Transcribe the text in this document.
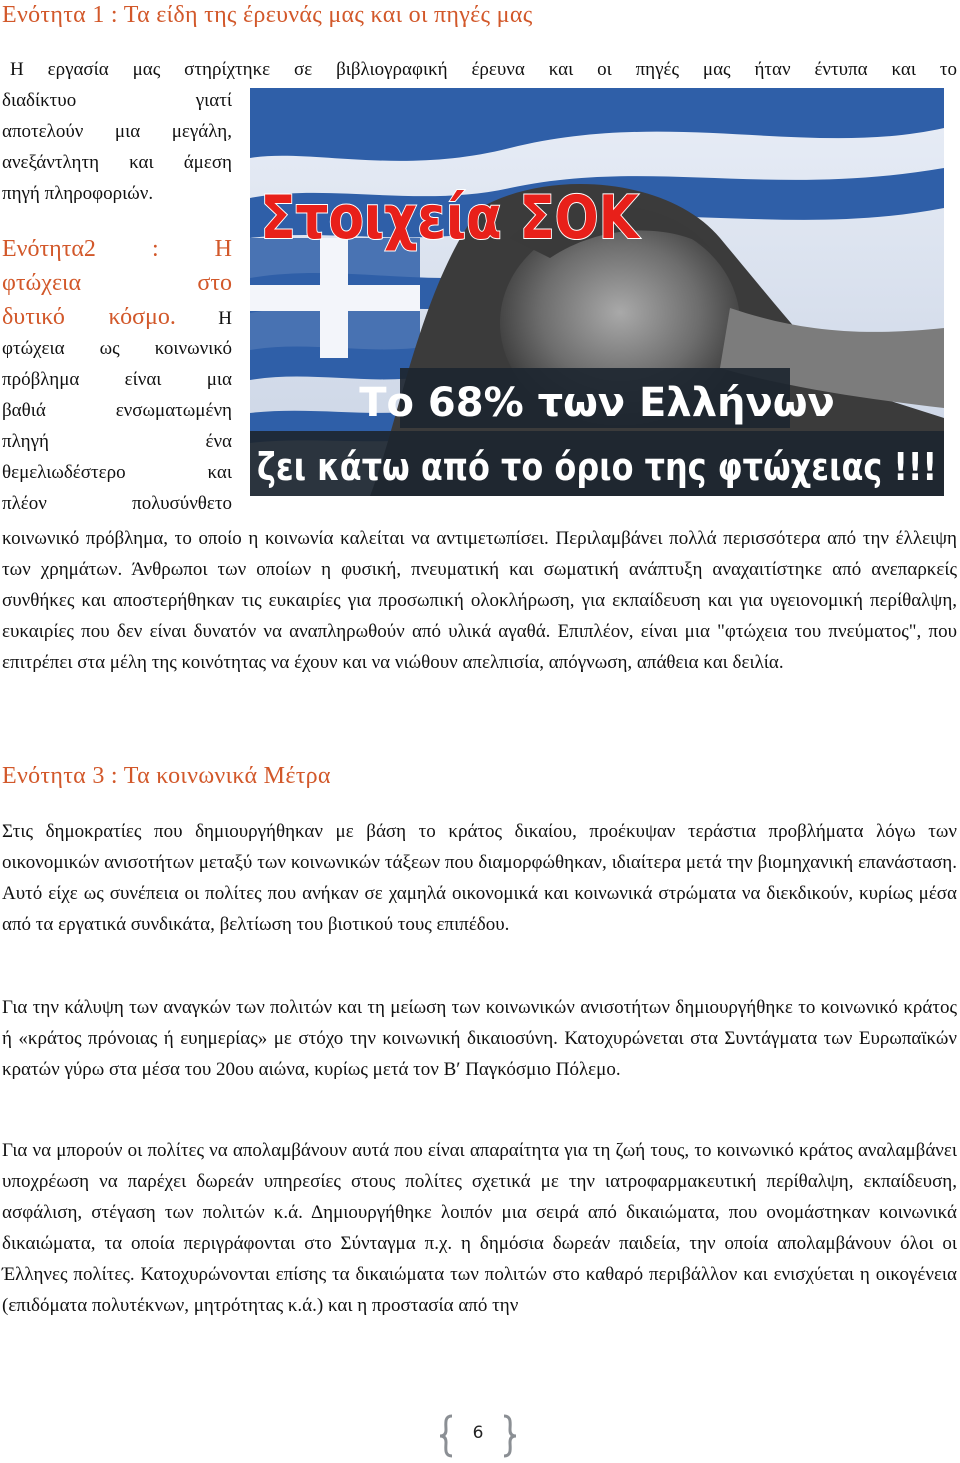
Ενότητα 1 : Τα είδη της έρευνάς μας και οι πηγές μας
Η εργασία μας στηρίχτηκε σε βιβλιογραφική έρευνα και οι πηγές μας ήταν έντυπα και το
διαδίκτυο γιατί
αποτελούν μια μεγάλη,
ανεξάντλητη και άμεση
πηγή πληροφοριών.
Ενότητα2 : Η
φτώχεια στο
δυτικό κόσμο. Η
φτώχεια ως κοινωνικό
πρόβλημα είναι μια
βαθιά ενσωματωμένη
πληγή ένα
θεμελιωδέστερο και
πλέον πολυσύνθετο
Στοιχεία ΣΟΚ
Το 68% των Ελλήνων
ζει κάτω από το όριο της φτώχειας !!!

κοινωνικό πρόβλημα, το οποίο η κοινωνία καλείται να αντιμετωπίσει. Περιλαμβάνει πολλά περισσότερα από την έλλειψη των χρημάτων. Άνθρωποι των οποίων η φυσική, πνευματική και σωματική ανάπτυξη αναχαιτίστηκε από ανεπαρκείς συνθήκες και αποστερήθηκαν τις ευκαιρίες για προσωπική ολοκλήρωση, για εκπαίδευση και για υγειονομική περίθαλψη, ευκαιρίες που δεν είναι δυνατόν να αναπληρωθούν από υλικά αγαθά. Επιπλέον, είναι μια "φτώχεια του πνεύματος", που επιτρέπει στα μέλη της κοινότητας να έχουν και να νιώθουν απελπισία, απόγνωση, απάθεια και δειλία.

Ενότητα 3 : Τα κοινωνικά Μέτρα

Στις δημοκρατίες που δημιουργήθηκαν με βάση το κράτος δικαίου, προέκυψαν τεράστια προβλήματα λόγω των οικονομικών ανισοτήτων μεταξύ των κοινωνικών τάξεων που διαμορφώθηκαν, ιδιαίτερα μετά την βιομηχανική επανάσταση. Αυτό είχε ως συνέπεια οι πολίτες που ανήκαν σε χαμηλά οικονομικά και κοινωνικά στρώματα να διεκδικούν, κυρίως μέσα από τα εργατικά συνδικάτα, βελτίωση του βιοτικού τους επιπέδου.

Για την κάλυψη των αναγκών των πολιτών και τη μείωση των κοινωνικών ανισοτήτων δημιουργήθηκε το κοινωνικό κράτος ή «κράτος πρόνοιας ή ευημερίας» με στόχο την κοινωνική δικαιοσύνη. Κατοχυρώνεται στα Συντάγματα των Ευρωπαϊκών κρατών γύρω στα μέσα του 20ου αιώνα, κυρίως μετά τον Β′ Παγκόσμιο Πόλεμο.

Για να μπορούν οι πολίτες να απολαμβάνουν αυτά που είναι απαραίτητα για τη ζωή τους, το κοινωνικό κράτος αναλαμβάνει υποχρέωση να παρέχει δωρεάν υπηρεσίες στους πολίτες σχετικά με την ιατροφαρμακευτική περίθαλψη, εκπαίδευση, ασφάλιση, στέγαση των πολιτών κ.ά. Δημιουργήθηκε λοιπόν μια σειρά από δικαιώματα, που ονομάστηκαν κοινωνικά δικαιώματα, τα οποία περιγράφονται στο Σύνταγμα π.χ. η δημόσια δωρεάν παιδεία, την οποία απολαμβάνουν όλοι οι Έλληνες πολίτες. Κατοχυρώνονται επίσης τα δικαιώματα των πολιτών στο καθαρό περιβάλλον και ενισχύεται η οικογένεια (επιδόματα πολυτέκνων, μητρότητας κ.ά.) και η προστασία από την

6
